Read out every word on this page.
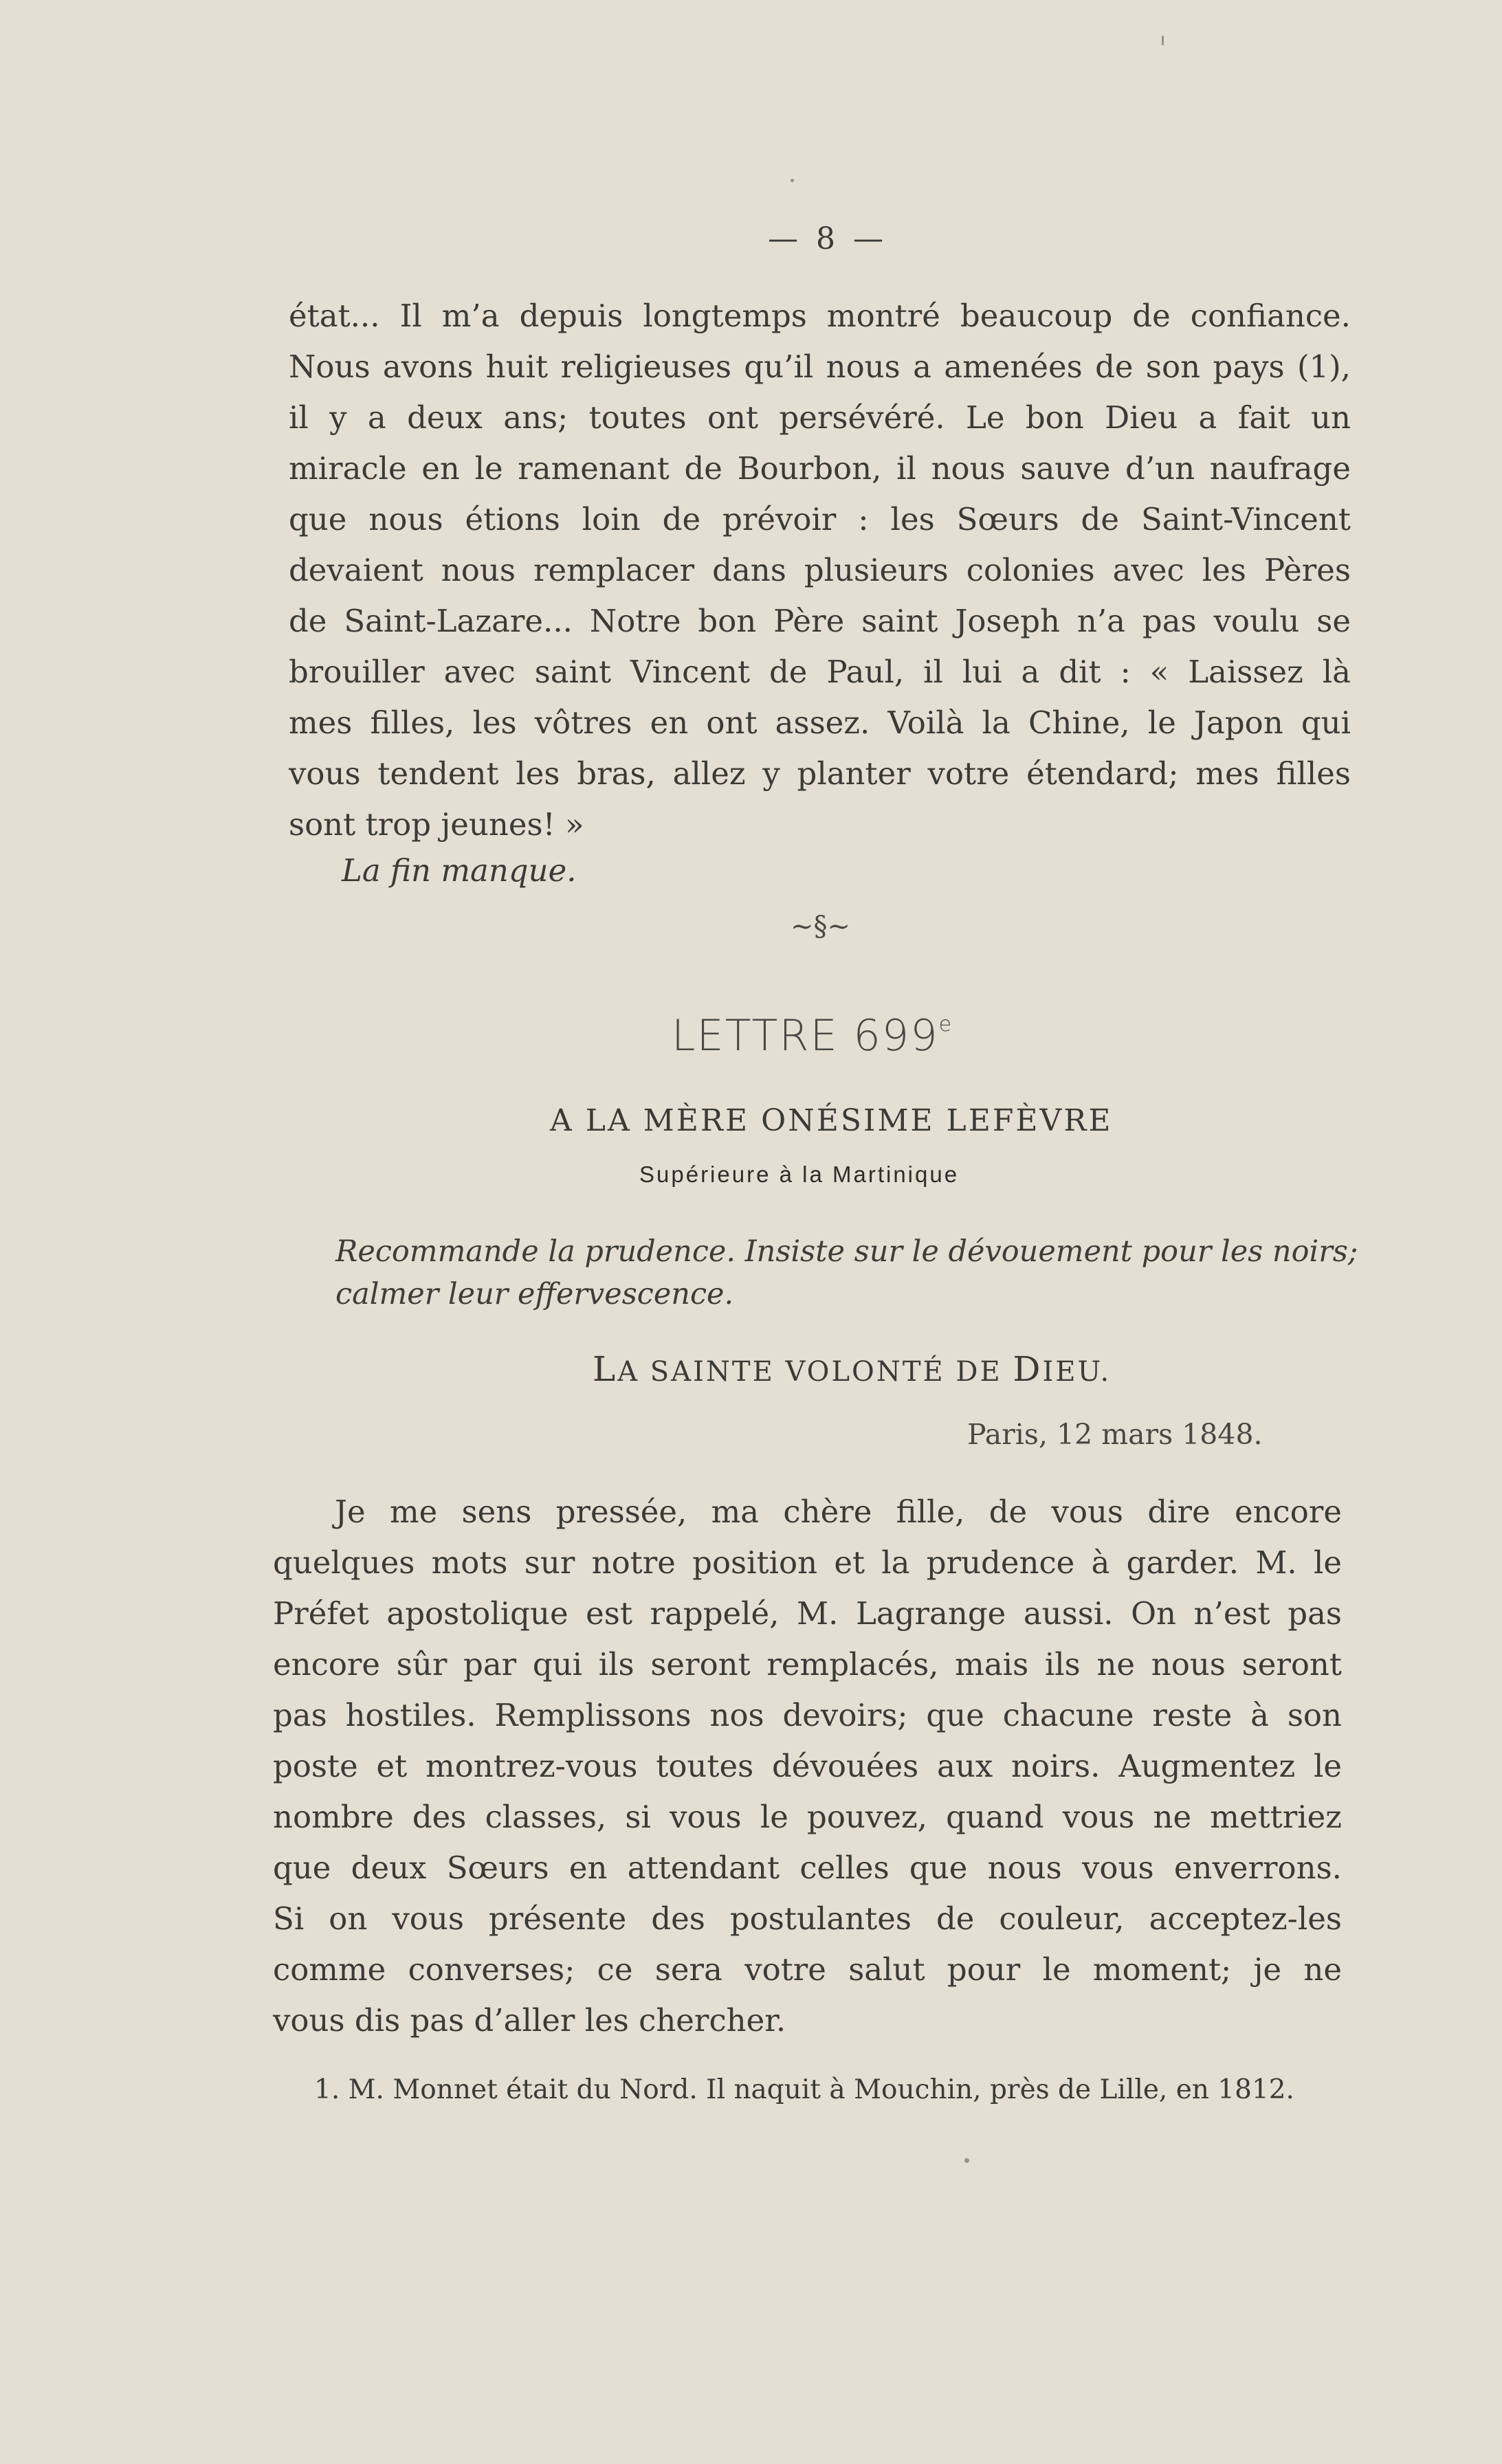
— 8 —
état... Il m’a depuis longtemps montré beaucoup de confiance.
Nous avons huit religieuses qu’il nous a amenées de son pays (1),
il y a deux ans; toutes ont persévéré. Le bon Dieu a fait un
miracle en le ramenant de Bourbon, il nous sauve d’un naufrage
que nous étions loin de prévoir : les Sœurs de Saint-Vincent
devaient nous remplacer dans plusieurs colonies avec les Pères
de Saint-Lazare... Notre bon Père saint Joseph n’a pas voulu se
brouiller avec saint Vincent de Paul, il lui a dit : « Laissez là
mes filles, les vôtres en ont assez. Voilà la Chine, le Japon qui
vous tendent les bras, allez y planter votre étendard; mes filles
sont trop jeunes! »
La fin manque.
~§~
LETTRE 699e
A LA MÈRE ONÉSIME LEFÈVRE
Supérieure à la Martinique
Recommande la prudence. Insiste sur le dévouement pour les noirs;
calmer leur effervescence.
LA SAINTE VOLONTÉ DE DIEU.
Paris, 12 mars 1848.
Je me sens pressée, ma chère fille, de vous dire encore
quelques mots sur notre position et la prudence à garder. M. le
Préfet apostolique est rappelé, M. Lagrange aussi. On n’est pas
encore sûr par qui ils seront remplacés, mais ils ne nous seront
pas hostiles. Remplissons nos devoirs; que chacune reste à son
poste et montrez-vous toutes dévouées aux noirs. Augmentez le
nombre des classes, si vous le pouvez, quand vous ne mettriez
que deux Sœurs en attendant celles que nous vous enverrons.
Si on vous présente des postulantes de couleur, acceptez-les
comme converses; ce sera votre salut pour le moment; je ne
vous dis pas d’aller les chercher.
1. M. Monnet était du Nord. Il naquit à Mouchin, près de Lille, en 1812.
